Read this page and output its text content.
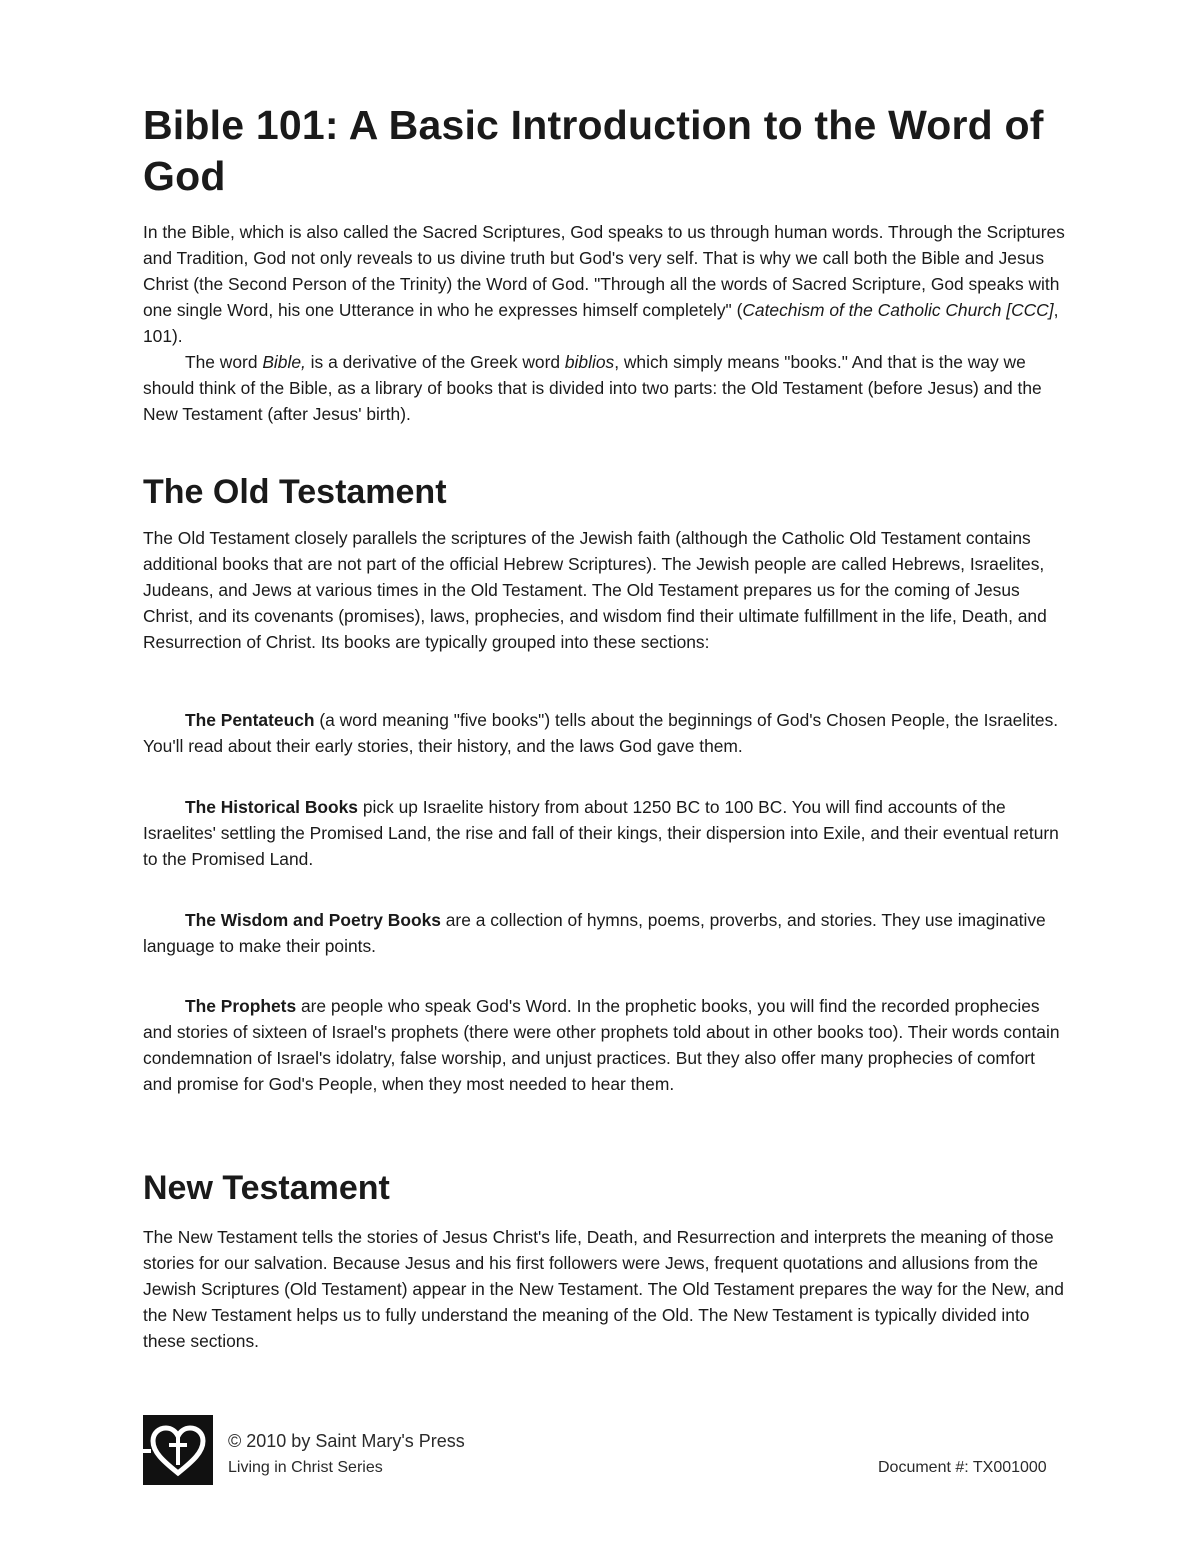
Bible 101: A Basic Introduction to the Word of God

In the Bible, which is also called the Sacred Scriptures, God speaks to us through human words. Through the Scriptures and Tradition, God not only reveals to us divine truth but God's very self. That is why we call both the Bible and Jesus Christ (the Second Person of the Trinity) the Word of God. "Through all the words of Sacred Scripture, God speaks with one single Word, his one Utterance in who he expresses himself completely" (Catechism of the Catholic Church [CCC], 101).

The word Bible, is a derivative of the Greek word biblios, which simply means "books." And that is the way we should think of the Bible, as a library of books that is divided into two parts: the Old Testament (before Jesus) and the New Testament (after Jesus' birth).

The Old Testament

The Old Testament closely parallels the scriptures of the Jewish faith (although the Catholic Old Testament contains additional books that are not part of the official Hebrew Scriptures). The Jewish people are called Hebrews, Israelites, Judeans, and Jews at various times in the Old Testament. The Old Testament prepares us for the coming of Jesus Christ, and its covenants (promises), laws, prophecies, and wisdom find their ultimate fulfillment in the life, Death, and Resurrection of Christ. Its books are typically grouped into these sections:

The Pentateuch (a word meaning "five books") tells about the beginnings of God's Chosen People, the Israelites. You'll read about their early stories, their history, and the laws God gave them.

The Historical Books pick up Israelite history from about 1250 BC to 100 BC. You will find accounts of the Israelites' settling the Promised Land, the rise and fall of their kings, their dispersion into Exile, and their eventual return to the Promised Land.

The Wisdom and Poetry Books are a collection of hymns, poems, proverbs, and stories. They use imaginative language to make their points.

The Prophets are people who speak God's Word. In the prophetic books, you will find the recorded prophecies and stories of sixteen of Israel's prophets (there were other prophets told about in other books too). Their words contain condemnation of Israel's idolatry, false worship, and unjust practices. But they also offer many prophecies of comfort and promise for God's People, when they most needed to hear them.

New Testament

The New Testament tells the stories of Jesus Christ's life, Death, and Resurrection and interprets the meaning of those stories for our salvation. Because Jesus and his first followers were Jews, frequent quotations and allusions from the Jewish Scriptures (Old Testament) appear in the New Testament. The Old Testament prepares the way for the New, and the New Testament helps us to fully understand the meaning of the Old. The New Testament is typically divided into these sections.

© 2010 by Saint Mary's Press
Living in Christ Series	Document #: TX001000
